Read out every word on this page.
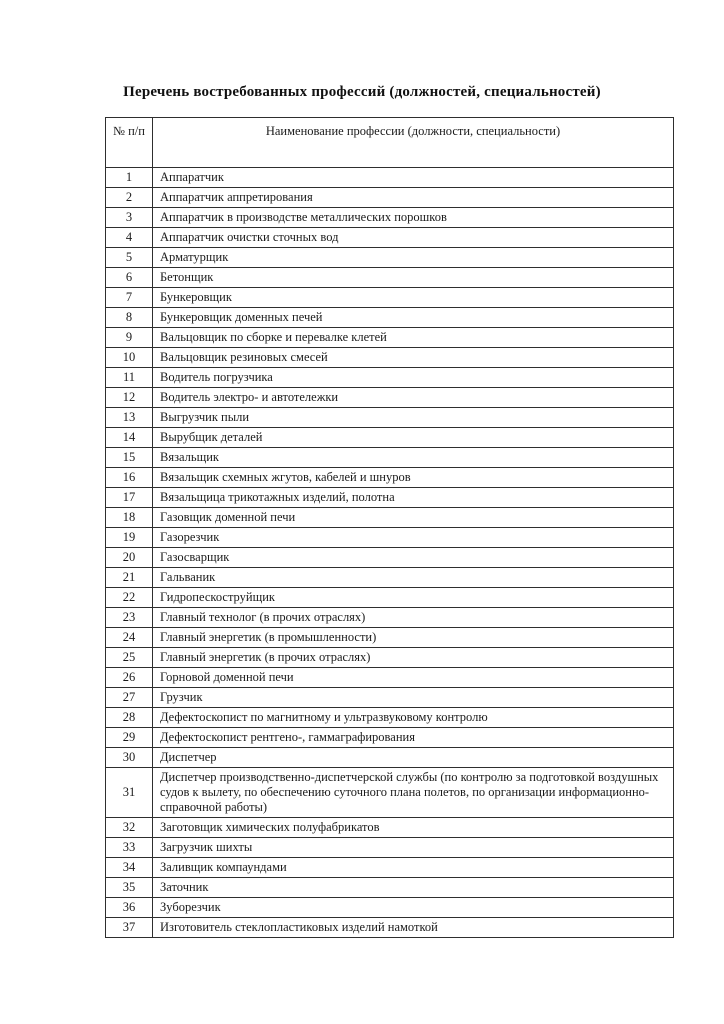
Перечень востребованных профессий (должностей, специальностей)
№ п/п	Наименование профессии (должности, специальности)
1	Аппаратчик
2	Аппаратчик аппретирования
3	Аппаратчик в производстве металлических порошков
4	Аппаратчик очистки сточных вод
5	Арматурщик
6	Бетонщик
7	Бункеровщик
8	Бункеровщик доменных печей
9	Вальцовщик по сборке и перевалке клетей
10	Вальцовщик резиновых смесей
11	Водитель погрузчика
12	Водитель электро- и автотележки
13	Выгрузчик пыли
14	Вырубщик деталей
15	Вязальщик
16	Вязальщик схемных жгутов, кабелей и шнуров
17	Вязальщица трикотажных изделий, полотна
18	Газовщик доменной печи
19	Газорезчик
20	Газосварщик
21	Гальваник
22	Гидропескоструйщик
23	Главный технолог (в прочих отраслях)
24	Главный энергетик (в промышленности)
25	Главный энергетик (в прочих отраслях)
26	Горновой доменной печи
27	Грузчик
28	Дефектоскопист по магнитному и ультразвуковому контролю
29	Дефектоскопист рентгено-, гаммаграфирования
30	Диспетчер
31	Диспетчер производственно-диспетчерской службы (по контролю за подготовкой воздушных судов к вылету, по обеспечению суточного плана полетов, по организации информационно-справочной работы)
32	Заготовщик химических полуфабрикатов
33	Загрузчик шихты
34	Заливщик компаундами
35	Заточник
36	Зуборезчик
37	Изготовитель стеклопластиковых изделий намоткой
